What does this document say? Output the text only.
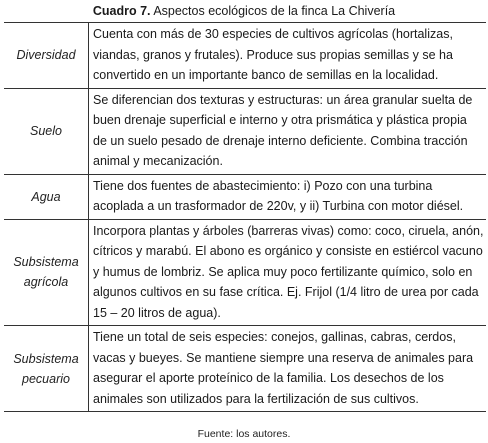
Cuadro 7. Aspectos ecológicos de la finca La Chivería
Diversidad	Cuenta con más de 30 especies de cultivos agrícolas (hortalizas, viandas, granos y frutales). Produce sus propias semillas y se ha convertido en un importante banco de semillas en la localidad.
Suelo	Se diferencian dos texturas y estructuras: un área granular suelta de buen drenaje superficial e interno y otra prismática y plástica propia de un suelo pesado de drenaje interno deficiente. Combina tracción animal y mecanización.
Agua	Tiene dos fuentes de abastecimiento: i) Pozo con una turbina acoplada a un trasformador de 220v, y ii) Turbina con motor diésel.
Subsistema agrícola	Incorpora plantas y árboles (barreras vivas) como: coco, ciruela, anón, cítricos y marabú. El abono es orgánico y consiste en estiércol vacuno y humus de lombriz. Se aplica muy poco fertilizante químico, solo en algunos cultivos en su fase crítica. Ej. Frijol (1/4 litro de urea por cada 15 – 20 litros de agua).
Subsistema pecuario	Tiene un total de seis especies: conejos, gallinas, cabras, cerdos, vacas y bueyes. Se mantiene siempre una reserva de animales para asegurar el aporte proteínico de la familia. Los desechos de los animales son utilizados para la fertilización de sus cultivos.
Fuente: los autores.
